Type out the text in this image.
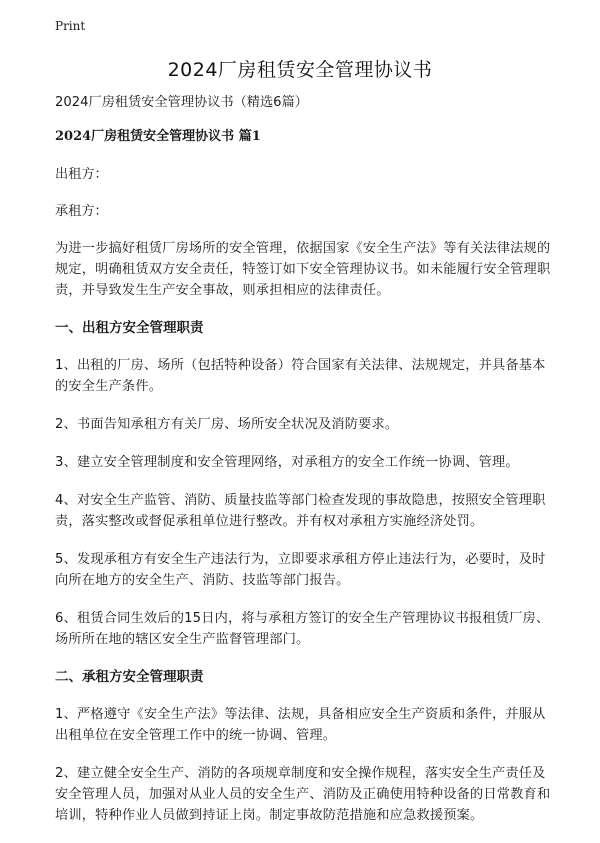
Print
2024厂房租赁安全管理协议书

2024厂房租赁安全管理协议书（精选6篇）

2024厂房租赁安全管理协议书 篇1

出租方：

承租方：

为进一步搞好租赁厂房场所的安全管理，依据国家《安全生产法》等有关法律法规的规定，明确租赁双方安全责任，特签订如下安全管理协议书。如未能履行安全管理职责，并导致发生生产安全事故，则承担相应的法律责任。

一、出租方安全管理职责

1、出租的厂房、场所（包括特种设备）符合国家有关法律、法规规定，并具备基本的安全生产条件。

2、书面告知承租方有关厂房、场所安全状况及消防要求。

3、建立安全管理制度和安全管理网络，对承租方的安全工作统一协调、管理。

4、对安全生产监管、消防、质量技监等部门检查发现的事故隐患，按照安全管理职责，落实整改或督促承租单位进行整改。并有权对承租方实施经济处罚。

5、发现承租方有安全生产违法行为，立即要求承租方停止违法行为，必要时，及时向所在地方的安全生产、消防、技监等部门报告。

6、租赁合同生效后的15日内，将与承租方签订的安全生产管理协议书报租赁厂房、场所所在地的辖区安全生产监督管理部门。

二、承租方安全管理职责

1、严格遵守《安全生产法》等法律、法规，具备相应安全生产资质和条件，并服从出租单位在安全管理工作中的统一协调、管理。

2、建立健全安全生产、消防的各项规章制度和安全操作规程，落实安全生产责任及安全管理人员，加强对从业人员的安全生产、消防及正确使用特种设备的日常教育和培训，特种作业人员做到持证上岗。制定事故防范措施和应急救援预案。
